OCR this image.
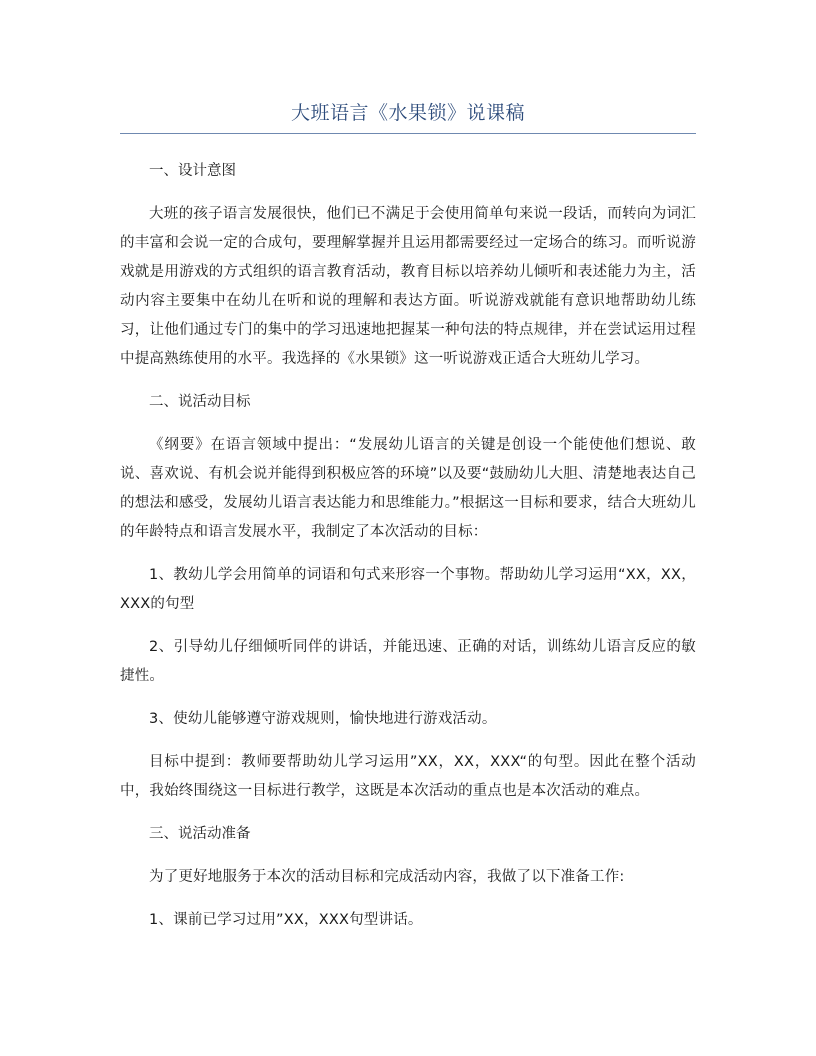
大班语言《水果锁》说课稿
一、设计意图
大班的孩子语言发展很快，他们已不满足于会使用简单句来说一段话，而转向为词汇的丰富和会说一定的合成句，要理解掌握并且运用都需要经过一定场合的练习。而听说游戏就是用游戏的方式组织的语言教育活动，教育目标以培养幼儿倾听和表述能力为主，活动内容主要集中在幼儿在听和说的理解和表达方面。听说游戏就能有意识地帮助幼儿练习，让他们通过专门的集中的学习迅速地把握某一种句法的特点规律，并在尝试运用过程中提高熟练使用的水平。我选择的《水果锁》这一听说游戏正适合大班幼儿学习。
二、说活动目标
《纲要》在语言领域中提出：“发展幼儿语言的关键是创设一个能使他们想说、敢说、喜欢说、有机会说并能得到积极应答的环境”以及要“鼓励幼儿大胆、清楚地表达自己的想法和感受，发展幼儿语言表达能力和思维能力。”根据这一目标和要求，结合大班幼儿的年龄特点和语言发展水平，我制定了本次活动的目标：
1、教幼儿学会用简单的词语和句式来形容一个事物。帮助幼儿学习运用“XX，XX，XXX的句型
2、引导幼儿仔细倾听同伴的讲话，并能迅速、正确的对话，训练幼儿语言反应的敏捷性。
3、使幼儿能够遵守游戏规则，愉快地进行游戏活动。
目标中提到：教师要帮助幼儿学习运用”XX，XX，XXX“的句型。因此在整个活动中，我始终围绕这一目标进行教学，这既是本次活动的重点也是本次活动的难点。
三、说活动准备
为了更好地服务于本次的活动目标和完成活动内容，我做了以下准备工作:
1、课前已学习过用”XX，XXX句型讲话。
